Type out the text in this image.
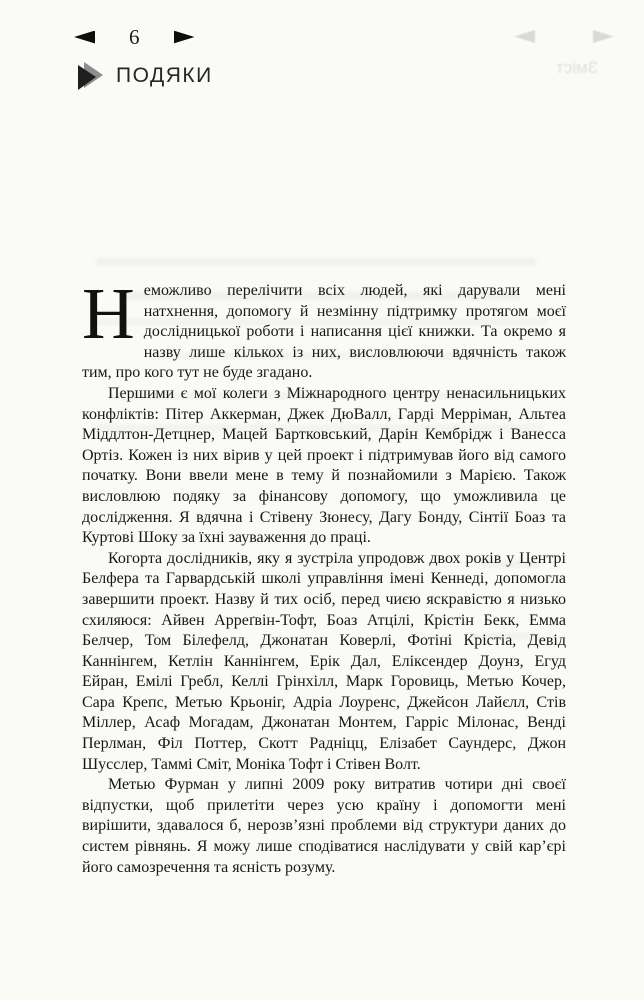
6
ПОДЯКИ	Зміст

Неможливо перелічити всіх людей, які дарували мені натхнення, допомогу й незмінну підтримку протягом моєї дослідницької роботи і написання цієї книжки. Та окремо я назву лише кількох із них, висловлюючи вдячність також тим, про кого тут не буде згадано.

Першими є мої колеги з Міжнародного центру ненасильницьких конфліктів: Пітер Аккерман, Джек ДюВалл, Гарді Мерріман, Альтеа Міддлтон-Детцнер, Мацей Бартковський, Дарін Кембрідж і Ванесса Ортіз. Кожен із них вірив у цей проект і підтримував його від самого початку. Вони ввели мене в тему й познайомили з Марією. Також висловлюю подяку за фінансову допомогу, що уможливила це дослідження. Я вдячна і Стівену Зюнесу, Дагу Бонду, Сінтії Боаз та Куртові Шоку за їхні зауваження до праці.

Когорта дослідників, яку я зустріла упродовж двох років у Центрі Белфера та Гарвардській школі управління імені Кеннеді, допомогла завершити проект. Назву й тих осіб, перед чиєю яскравістю я низько схиляюся: Айвен Арреґвін-Тофт, Боаз Атцілі, Крістін Бекк, Емма Белчер, Том Білефелд, Джонатан Коверлі, Фотіні Крістіа, Девід Каннінгем, Кетлін Каннінгем, Ерік Дал, Еліксендер Доунз, Егуд Ейран, Емілі Гребл, Келлі Грінхілл, Марк Горовиць, Метью Кочер, Сара Крепс, Метью Крьоніг, Адріа Лоуренс, Джейсон Лайєлл, Стів Міллер, Асаф Могадам, Джонатан Монтем, Гарріс Мілонас, Венді Перлман, Філ Поттер, Скотт Радніцц, Елізабет Саундерс, Джон Шусслер, Таммі Сміт, Моніка Тофт і Стівен Волт.

Метью Фурман у липні 2009 року витратив чотири дні своєї відпустки, щоб прилетіти через усю країну і допомогти мені вирішити, здавалося б, нерозв’язні проблеми від структури даних до систем рівнянь. Я можу лише сподіватися наслідувати у свій кар’єрі його самозречення та ясність розуму.
